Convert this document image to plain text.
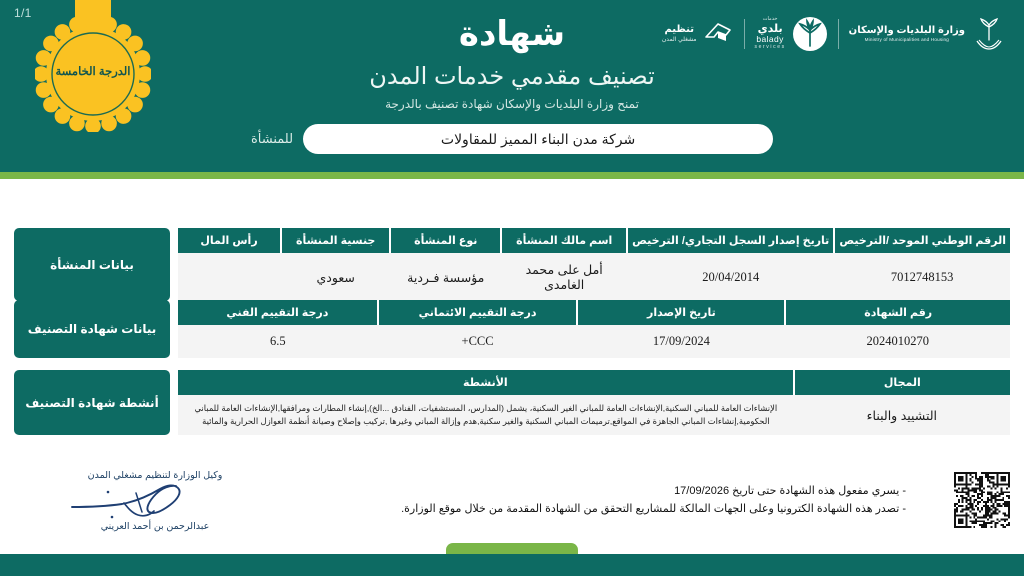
1/1
الدرجة الخامسة
شهادة
تصنيف مقدمي خدمات المدن
تمنح وزارة البلديات والإسكان شهادة تصنيف بالدرجة
شركة مدن البناء المميز للمقاولات
للمنشأة
تنظيم
مشغلي المدن
خدمات
بلدي
balady
services
وزارة البلديات والإسكان
Ministry of Municipalities and Housing
بيانات المنشأة
الرقم الوطني الموحد /الترخيص	تاريخ إصدار السجل التجاري/ الترخيص	اسم مالك المنشأة	نوع المنشأة	جنسية المنشأة	رأس المال
7012748153	20/04/2014	أمل على محمد الغامدى	مؤسسة فـردية	سعودي	
بيانات شهادة التصنيف
رقم الشهادة	تاريخ الإصدار	درجة التقييم الائتماني	درجة التقييم الفني
2024010270	17/09/2024	CCC+	6.5
أنشطة شهادة التصنيف
المجال	الأنشطة
التشييد والبناء	الإنشاءات العامة للمباني السكنية,الإنشاءات العامة للمباني الغير السكنية، يشمل (المدارس، المستشفيات، الفنادق ...الخ),إنشاء المطارات ومرافقها,الإنشاءات العامة للمباني الحكومية,إنشاءات المباني الجاهزة في المواقع,ترميمات المباني السكنية والغير سكنية,هدم وإزالة المباني وغيرها ,تركيب وإصلاح وصيانة أنظمة العوازل الحرارية والمائية
وكيل الوزارة لتنظيم مشغلي المدن
عبدالرحمن بن أحمد العريني
- يسري مفعول هذه الشهادة حتى تاريخ 17/09/2026
- تصدر هذه الشهادة الكترونيا وعلى الجهات المالكة للمشاريع التحقق من الشهادة المقدمة من خلال موقع الوزارة.
